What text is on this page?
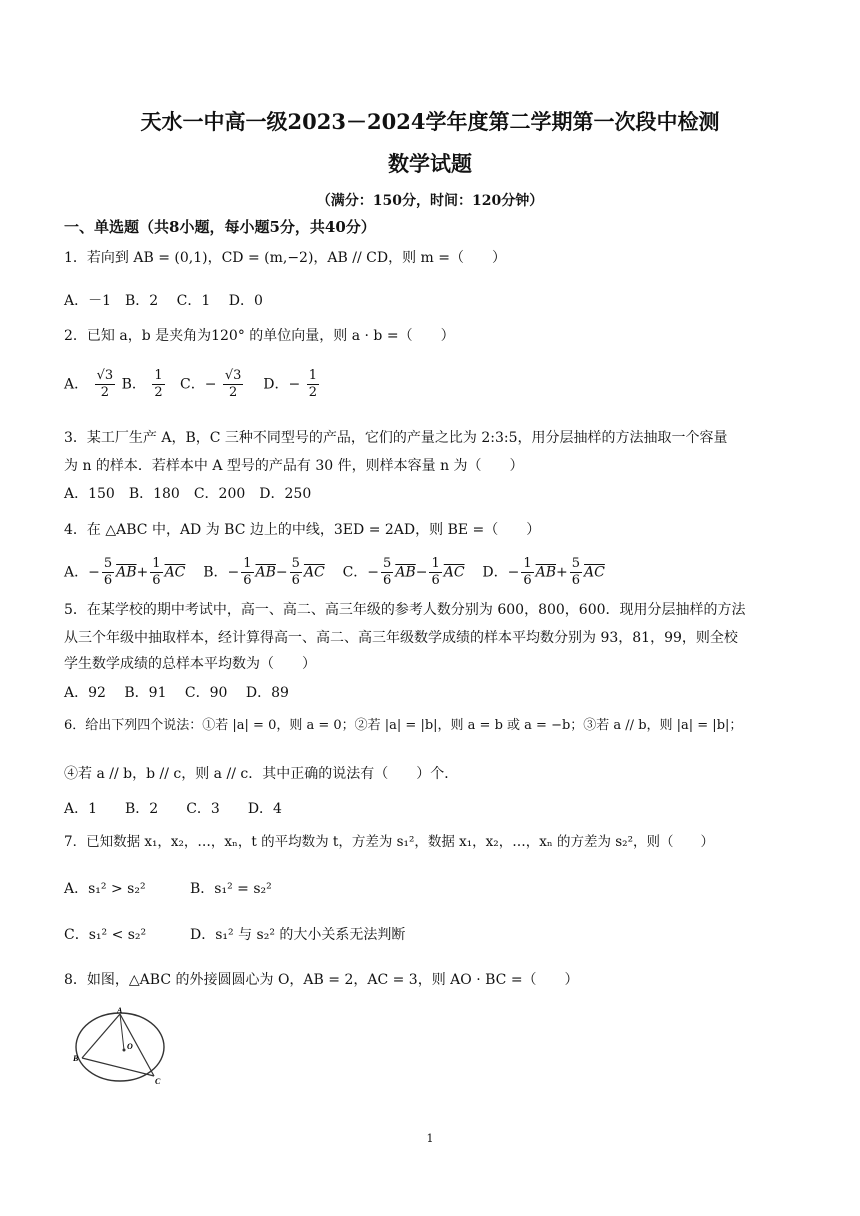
天水一中高一级2023－2024学年度第二学期第一次段中检测
数学试题
（满分：150分，时间：120分钟）
一、单选题（共8小题，每小题5分，共40分）
1．若向到 AB = (0,1)，CD = (m,−2)，AB // CD，则 m =（　　）
A．－1　B．2　 C．1　 D．0
2．已知 a，b 是夹角为120° 的单位向量，则 a · b =（　　）
A． $\frac{√3}{2}$ B． $\frac{1}{2}$ C．− $\frac{√3}{2}$ D．− $\frac{1}{2}$
3．某工厂生产 A，B，C 三种不同型号的产品，它们的产量之比为 2:3:5，用分层抽样的方法抽取一个容量
为 n 的样本．若样本中 A 型号的产品有 30 件，则样本容量 n 为（　　）
A．150　B．180　C．200　D．250
4．在 △ABC 中，AD 为 BC 边上的中线，3ED = 2AD，则 BE =（　　）
A．− $\frac{5}{6} \overline{AB}+ \frac{1}{6} \overline{AC}$ B．− $\frac{1}{6} \overline{AB}- \frac{5}{6} \overline{AC}$ C．− $\frac{5}{6} \overline{AB}- \frac{1}{6} \overline{AC}$ D．− $\frac{1}{6} \overline{AB}+ \frac{5}{6} \overline{AC}$
5．在某学校的期中考试中，高一、高二、高三年级的参考人数分别为 600，800，600．现用分层抽样的方法
从三个年级中抽取样本，经计算得高一、高二、高三年级数学成绩的样本平均数分别为 93，81，99，则全校
学生数学成绩的总样本平均数为（　　）
A．92　 B．91　 C．90　 D．89
6．给出下列四个说法：①若 |a| = 0，则 a = 0；②若 |a| = |b|，则 a = b 或 a = −b；③若 a // b，则 |a| = |b|；
④若 a // b，b // c，则 a // c．其中正确的说法有（　　）个．
A．1　　B．2　　C．3　　D．4
7．已知数据 x₁，x₂，…，xₙ，t 的平均数为 t，方差为 s₁²，数据 x₁，x₂，…，xₙ 的方差为 s₂²，则（　　）
A．s₁² > s₂²	B．s₁² = s₂²
C．s₁² < s₂²	D．s₁² 与 s₂² 的大小关系无法判断
8．如图，△ABC 的外接圆圆心为 O，AB = 2，AC = 3，则 AO · BC =（　　）
A
B
O
C
1
